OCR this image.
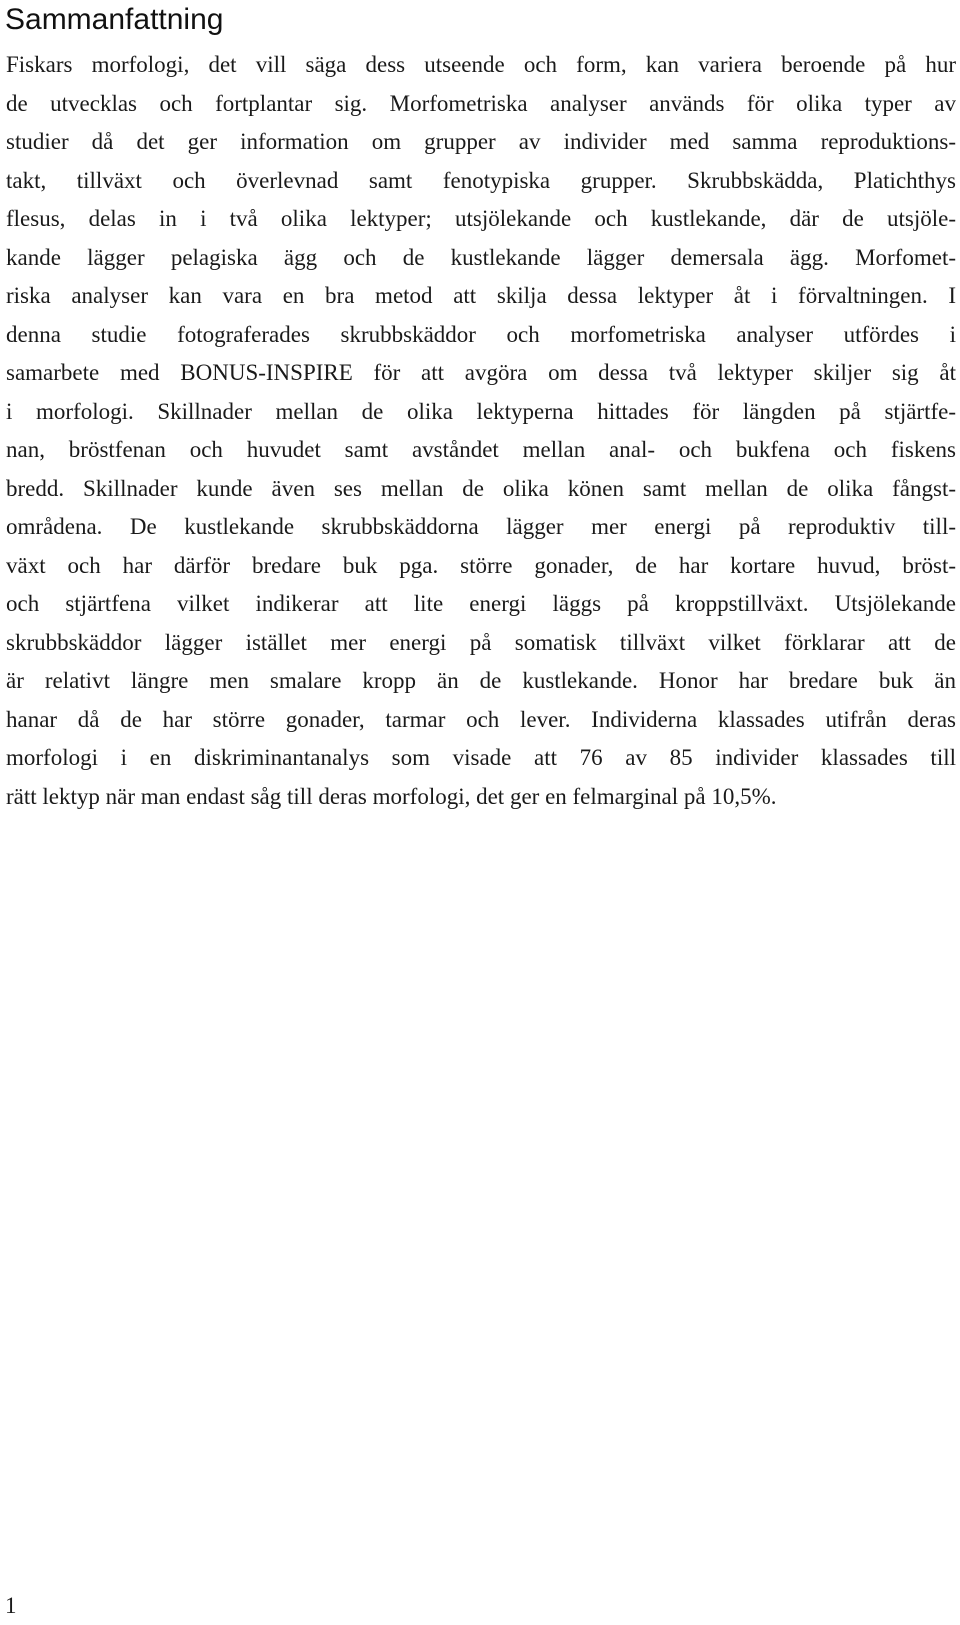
Sammanfattning
Fiskars morfologi, det vill säga dess utseende och form, kan variera beroende på hur
de utvecklas och fortplantar sig. Morfometriska analyser används för olika typer av
studier då det ger information om grupper av individer med samma reproduktions-
takt, tillväxt och överlevnad samt fenotypiska grupper. Skrubbskädda, Platichthys
flesus, delas in i två olika lektyper; utsjölekande och kustlekande, där de utsjöle-
kande lägger pelagiska ägg och de kustlekande lägger demersala ägg. Morfomet-
riska analyser kan vara en bra metod att skilja dessa lektyper åt i förvaltningen. I
denna studie fotograferades skrubbskäddor och morfometriska analyser utfördes i
samarbete med BONUS-INSPIRE för att avgöra om dessa två lektyper skiljer sig åt
i morfologi. Skillnader mellan de olika lektyperna hittades för längden på stjärtfe-
nan, bröstfenan och huvudet samt avståndet mellan anal- och bukfena och fiskens
bredd. Skillnader kunde även ses mellan de olika könen samt mellan de olika fångst-
områdena. De kustlekande skrubbskäddorna lägger mer energi på reproduktiv till-
växt och har därför bredare buk pga. större gonader, de har kortare huvud, bröst-
och stjärtfena vilket indikerar att lite energi läggs på kroppstillväxt. Utsjölekande
skrubbskäddor lägger istället mer energi på somatisk tillväxt vilket förklarar att de
är relativt längre men smalare kropp än de kustlekande. Honor har bredare buk än
hanar då de har större gonader, tarmar och lever. Individerna klassades utifrån deras
morfologi i en diskriminantanalys som visade att 76 av 85 individer klassades till
rätt lektyp när man endast såg till deras morfologi, det ger en felmarginal på 10,5%.
1
